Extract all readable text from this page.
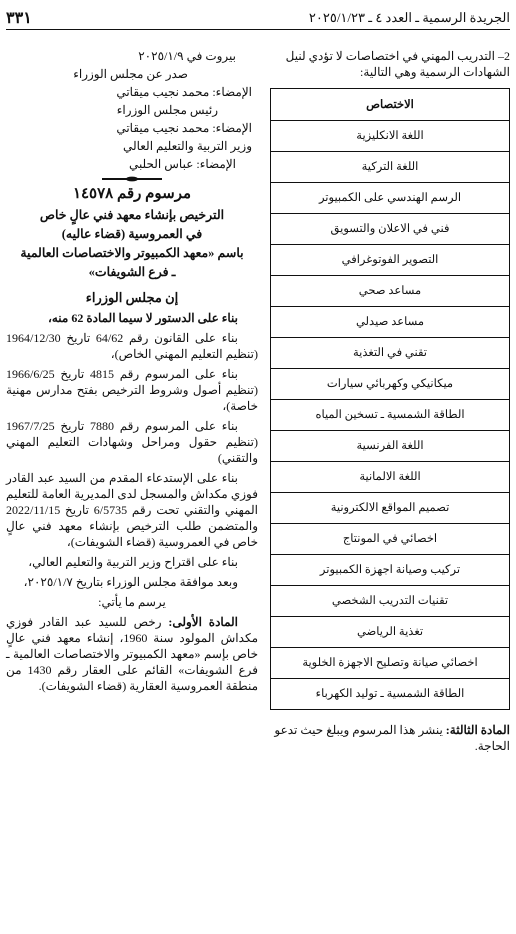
الجريدة الرسمية ـ العدد ٤ ـ ٢٠٢٥/١/٢٣
٣٣١
2– التدريب المهني في اختصاصات لا تؤدي لنيل الشهادات الرسمية وهي التالية:
الاختصاص
اللغة الانكليزية
اللغة التركية
الرسم الهندسي على الكمبيوتر
فني في الاعلان والتسويق
التصوير الفوتوغرافي
مساعد صحي
مساعد صيدلي
تقني في التغذية
ميكانيكي وكهربائي سيارات
الطاقة الشمسية ـ تسخين المياه
اللغة الفرنسية
اللغة الالمانية
تصميم المواقع الالكترونية
اخصائي في المونتاج
تركيب وصيانة اجهزة الكمبيوتر
تقنيات التدريب الشخصي
تغذية الرياضي
اخصائي صيانة وتصليح الاجهزة الخلوية
الطاقة الشمسية ـ توليد الكهرباء
المادة الثالثة: ينشر هذا المرسوم ويبلغ حيث تدعو الحاجة.
بيروت في ٢٠٢٥/١/٩
صدر عن مجلس الوزراء
الإمضاء: محمد نجيب ميقاتي
رئيس مجلس الوزراء
الإمضاء: محمد نجيب ميقاتي
وزير التربية والتعليم العالي
الإمضاء: عباس الحلبي
مرسوم رقم ١٤٥٧٨
الترخيص بإنشاء معهد فني عالٍ خاص
في العمروسية (قضاء عاليه)
باسم «معهد الكمبيوتر والاختصاصات العالمية
ـ فرع الشويفات»
إن مجلس الوزراء
بناء على الدستور لا سيما المادة 62 منه،
بناء على القانون رقم 64/62 تاريخ 1964/12/30 (تنظيم التعليم المهني الخاص)،
بناء على المرسوم رقم 4815 تاريخ 1966/6/25 (تنظيم أصول وشروط الترخيص بفتح مدارس مهنية خاصة)،
بناء على المرسوم رقم 7880 تاريخ 1967/7/25 (تنظيم حقول ومراحل وشهادات التعليم المهني والتقني)
بناء على الإستدعاء المقدم من السيد عبد القادر فوزي مكداش والمسجل لدى المديرية العامة للتعليم المهني والتقني تحت رقم 6/5735 تاريخ 2022/11/15 والمتضمن طلب الترخيص بإنشاء معهد فني عالٍ خاص في العمروسية (قضاء الشويفات)،
بناء على اقتراح وزير التربية والتعليم العالي،
وبعد موافقة مجلس الوزراء بتاريخ ٢٠٢٥/١/٧،
يرسم ما يأتي:
المادة الأولى: رخص للسيد عبد القادر فوزي مكداش المولود سنة 1960، إنشاء معهد فني عالٍ خاص بإسم «معهد الكمبيوتر والاختصاصات العالمية ـ فرع الشويفات» القائم على العقار رقم 1430 من منطقة العمروسية العقارية (قضاء الشويفات).
